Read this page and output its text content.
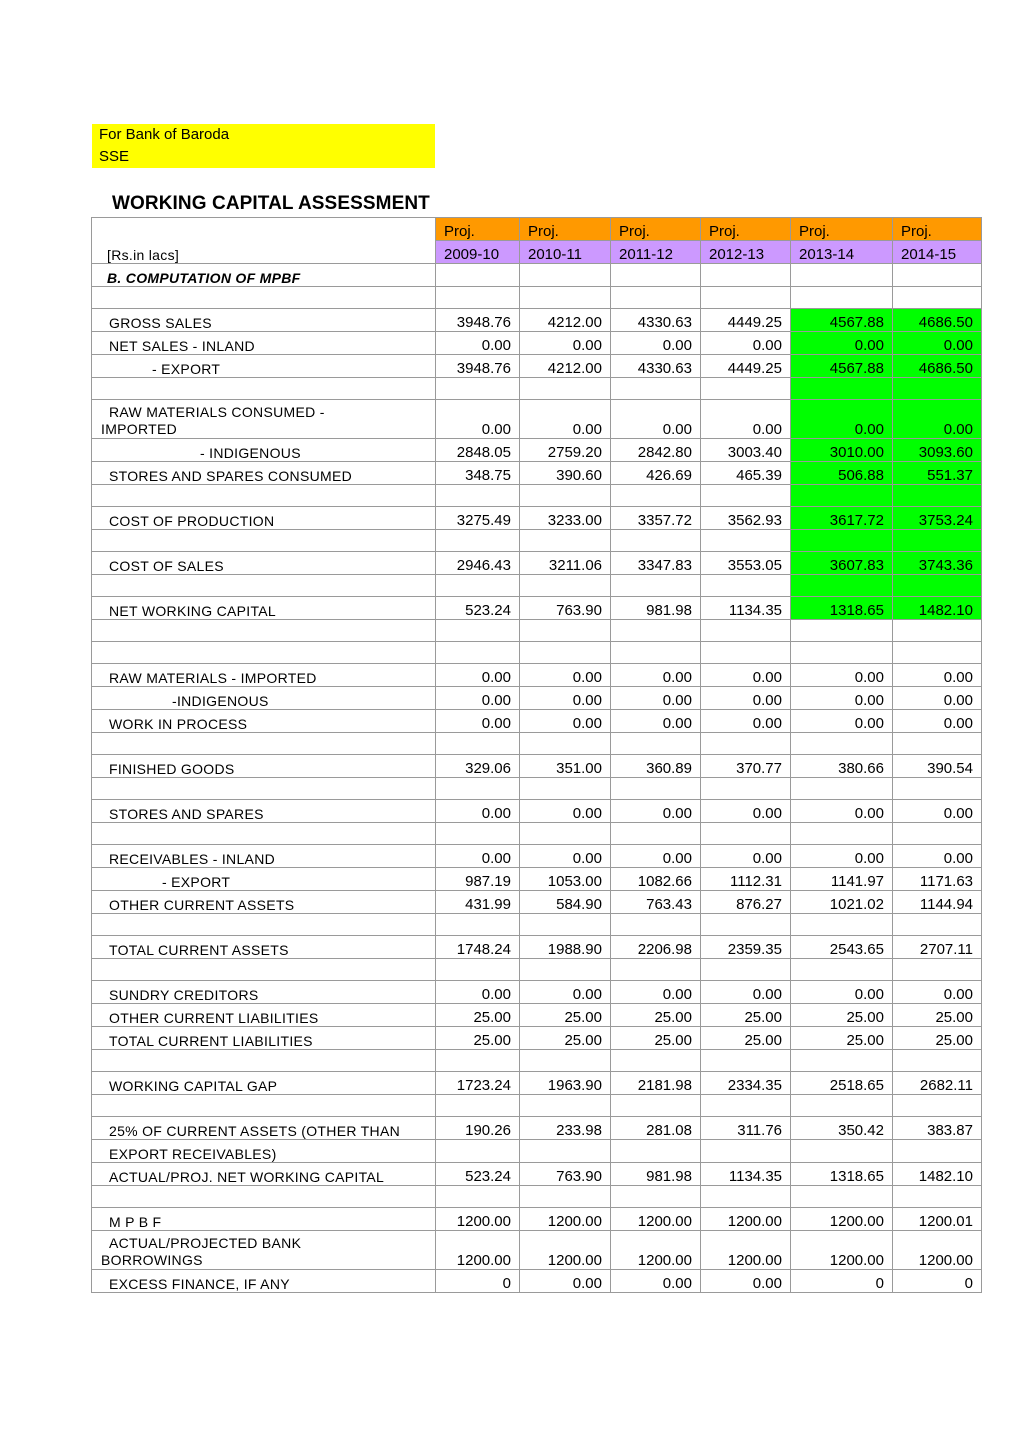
For Bank of Baroda
SSE
WORKING CAPITAL ASSESSMENT
	Proj.	Proj.	Proj.	Proj.	Proj.	Proj.
[Rs.in lacs]	2009-10	2010-11	2011-12	2012-13	2013-14	2014-15
B. COMPUTATION OF MPBF						

GROSS SALES	3948.76	4212.00	4330.63	4449.25	4567.88	4686.50
NET SALES - INLAND	0.00	0.00	0.00	0.00	0.00	0.00
- EXPORT	3948.76	4212.00	4330.63	4449.25	4567.88	4686.50

RAW MATERIALS CONSUMED -
IMPORTED	0.00	0.00	0.00	0.00	0.00	0.00
- INDIGENOUS	2848.05	2759.20	2842.80	3003.40	3010.00	3093.60
STORES AND SPARES CONSUMED	348.75	390.60	426.69	465.39	506.88	551.37

COST OF PRODUCTION	3275.49	3233.00	3357.72	3562.93	3617.72	3753.24

COST OF SALES	2946.43	3211.06	3347.83	3553.05	3607.83	3743.36

NET WORKING CAPITAL	523.24	763.90	981.98	1134.35	1318.65	1482.10

RAW MATERIALS - IMPORTED	0.00	0.00	0.00	0.00	0.00	0.00
-INDIGENOUS	0.00	0.00	0.00	0.00	0.00	0.00
WORK IN PROCESS	0.00	0.00	0.00	0.00	0.00	0.00

FINISHED GOODS	329.06	351.00	360.89	370.77	380.66	390.54

STORES AND SPARES	0.00	0.00	0.00	0.00	0.00	0.00

RECEIVABLES - INLAND	0.00	0.00	0.00	0.00	0.00	0.00
- EXPORT	987.19	1053.00	1082.66	1112.31	1141.97	1171.63
OTHER CURRENT ASSETS	431.99	584.90	763.43	876.27	1021.02	1144.94

TOTAL CURRENT ASSETS	1748.24	1988.90	2206.98	2359.35	2543.65	2707.11

SUNDRY CREDITORS	0.00	0.00	0.00	0.00	0.00	0.00
OTHER CURRENT LIABILITIES	25.00	25.00	25.00	25.00	25.00	25.00
TOTAL CURRENT LIABILITIES	25.00	25.00	25.00	25.00	25.00	25.00

WORKING CAPITAL GAP	1723.24	1963.90	2181.98	2334.35	2518.65	2682.11

25% OF CURRENT ASSETS (OTHER THAN	190.26	233.98	281.08	311.76	350.42	383.87
EXPORT RECEIVABLES)						
ACTUAL/PROJ. NET WORKING CAPITAL	523.24	763.90	981.98	1134.35	1318.65	1482.10

M P B F	1200.00	1200.00	1200.00	1200.00	1200.00	1200.01

ACTUAL/PROJECTED BANK
BORROWINGS	1200.00	1200.00	1200.00	1200.00	1200.00	1200.00
EXCESS FINANCE, IF ANY	0	0.00	0.00	0.00	0	0
